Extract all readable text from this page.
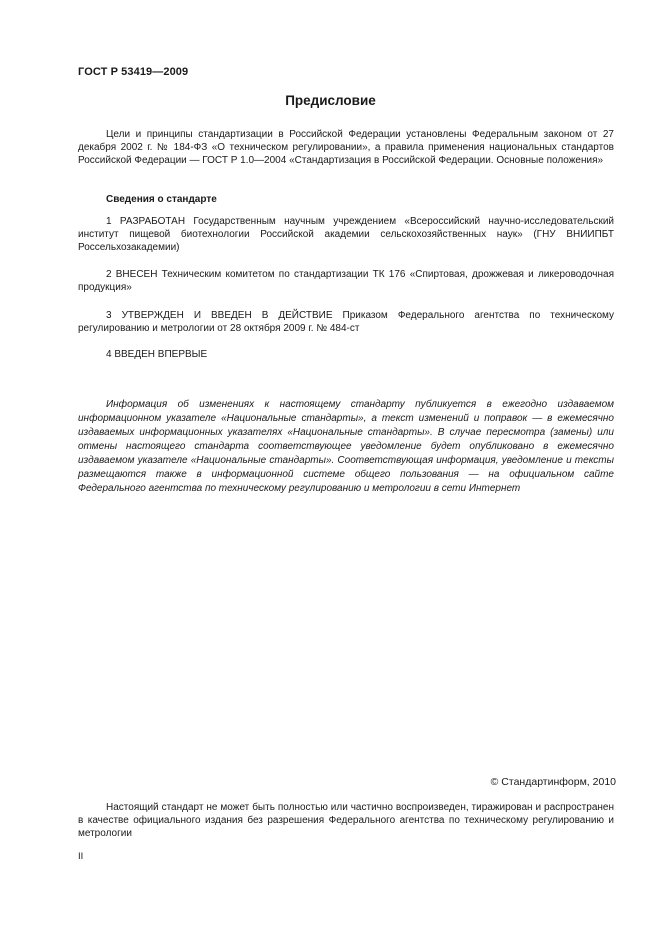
ГОСТ Р 53419—2009
Предисловие
Цели и принципы стандартизации в Российской Федерации установлены Федеральным законом от 27 декабря 2002 г. № 184-ФЗ «О техническом регулировании», а правила применения национальных стандартов Российской Федерации — ГОСТ Р 1.0—2004 «Стандартизация в Российской Федерации. Основные положения»
Сведения о стандарте
1 РАЗРАБОТАН Государственным научным учреждением «Всероссийский научно-исследовательский институт пищевой биотехнологии Российской академии сельскохозяйственных наук» (ГНУ ВНИИПБТ Россельхозакадемии)
2 ВНЕСЕН Техническим комитетом по стандартизации ТК 176 «Спиртовая, дрожжевая и ликероводочная продукция»
3 УТВЕРЖДЕН И ВВЕДЕН В ДЕЙСТВИЕ Приказом Федерального агентства по техническому регулированию и метрологии от 28 октября 2009 г. № 484-ст
4 ВВЕДЕН ВПЕРВЫЕ
Информация об изменениях к настоящему стандарту публикуется в ежегодно издаваемом информационном указателе «Национальные стандарты», а текст изменений и поправок — в ежемесячно издаваемых информационных указателях «Национальные стандарты». В случае пересмотра (замены) или отмены настоящего стандарта соответствующее уведомление будет опубликовано в ежемесячно издаваемом указателе «Национальные стандарты». Соответствующая информация, уведомление и тексты размещаются также в информационной системе общего пользования — на официальном сайте Федерального агентства по техническому регулированию и метрологии в сети Интернет
© Стандартинформ, 2010
Настоящий стандарт не может быть полностью или частично воспроизведен, тиражирован и распространен в качестве официального издания без разрешения Федерального агентства по техническому регулированию и метрологии
II
